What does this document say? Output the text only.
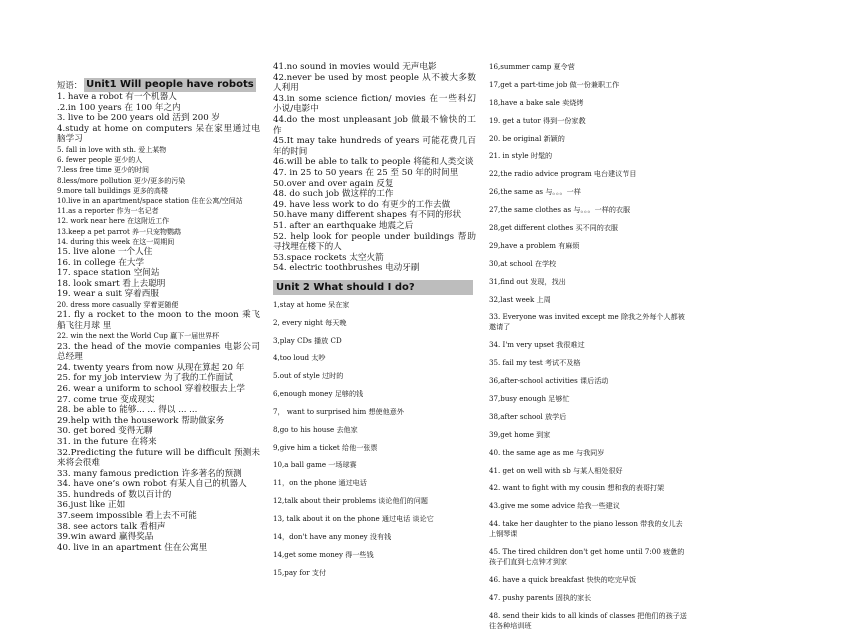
短语： Unit1 Will people have robots

1. have a robot 有一个机器人

.2.in 100 years 在 100 年之内

3. live to be 200 years old 活到 200 岁

4.study at home on computers 呆在家里通过电脑学习

5. fall in love with sth. 爱上某物

6. fewer people 更少的人

7.less free time 更少的时间

8.less/more pollution 更少/更多的污染

9.more tall buildings 更多的高楼

10.live in an apartment/space station 住在公寓/空间站

11.as a reporter 作为一名记者

12. work near here 在这附近工作

13.keep a pet parrot 养一只宠物鹦鹉

14. during this week 在这一周期间

15. live alone 一个人住

16. in college 在大学

17. space station 空间站

18. look smart 看上去聪明

19. wear a suit 穿着西服

20. dress more casually 穿着更随便

21. fly a rocket to the moon to the moon 乘飞船飞往月球 里

22. win the next the World Cup 赢下一届世界杯

23. the head of the movie companies 电影公司总经理

24. twenty years from now 从现在算起 20 年

25. for my job interview 为了我的工作面试

26. wear a uniform to school 穿着校服去上学

27. come true 变成现实

28. be able to 能够... ... 得以 ... ...

29.help with the housework 帮助做家务

30. get bored 变得无聊

31. in the future 在将来

32.Predicting the future will be difficult 预测未来将会很难

33. many famous prediction 许多著名的预测

34. have one’s own robot 有某人自己的机器人

35. hundreds of 数以百计的

36.just like 正如

37.seem impossible 看上去不可能

38. see actors talk 看相声

39.win award 赢得奖品

40. live in an apartment 住在公寓里

41.no sound in movies would 无声电影

42.never be used by most people 从不被大多数人利用

43.in some science fiction/ movies 在一些科幻小说/电影中

44.do the most unpleasant job 做最不愉快的工作

45.It may take hundreds of years 可能花费几百年的时间

46.will be able to talk to people 将能和人类交谈

47. in 25 to 50 years 在 25 至 50 年的时间里

50.over and over again 反复

48. do such job 做这样的工作

49. have less work to do 有更少的工作去做

50.have many different shapes 有不同的形状

51. after an earthquake 地震之后

52. help look for people under buildings 帮助寻找埋在楼下的人

53.space rockets 太空火箭

54. electric toothbrushes 电动牙刷

Unit 2 What should I do?

1,stay at home 呆在家

2, every night 每天晚

3,play CDs 播放 CD

4,too loud 太吵

5.out of style 过时的

6,enough money 足够的钱

7， want to surprised him 想使他意外

8,go to his house 去他家

9,give him a ticket 给他一张票

10,a ball game 一场球赛

11，on the phone 通过电话

12,talk about their problems 谈论他们的问题

13, talk about it on the phone 通过电话 谈论它

14，don't have any money 没有钱

14,get some money 得一些钱

15,pay for 支付

16,summer camp 夏令营

17,get a part-time job 做一份兼职工作

18,have a bake sale 卖烧烤

19. get a tutor 得到一份家教

20. be original 新颖的

21. in style 时髦的

22,the radio advice program 电台建议节目

26,the same as 与。。。一样

27,the same clothes as 与。。。一样的衣服

28,get different clothes 买不同的衣服

29,have a problem 有麻烦

30,at school 在学校

31,find out 发现，找出

32,last week 上周

33. Everyone was invited except me 除我之外每个人都被邀请了

34. I'm very upset 我很难过

35. fail my test 考试不及格

36,after-school activities 课后活动

37,busy enough 足够忙

38,after school 放学后

39,get home 到家

40. the same age as me 与我同岁

41. get on well with sb 与某人相处很好

42. want to fight with my cousin 想和我的表哥打架

43.give me some advice 给我一些建议

44. take her daughter to the piano lesson 带我的女儿去上钢琴课

45. The tired children don't get home until 7:00 疲惫的孩子们直到七点钟才到家

46. have a quick breakfast 快快的吃完早饭

47. pushy parents 固执的家长

48. send their kids to all kinds of classes 把他们的孩子送往各种培训班
